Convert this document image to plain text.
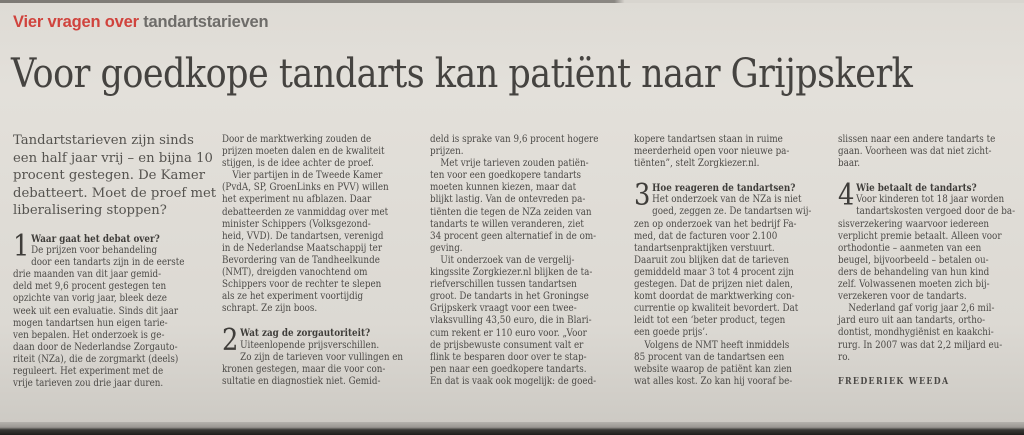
Vier vragen over tandartstarieven
Voor goedkope tandarts kan patiënt naar Grijpskerk
Tandartstarieven zijn sinds
een half jaar vrij – en bijna 10
procent gestegen. De Kamer
debatteert. Moet de proef met
liberalisering stoppen?
1 Waar gaat het debat over?
De prijzen voor behandeling
door een tandarts zijn in de eerste
drie maanden van dit jaar gemid-
deld met 9,6 procent gestegen ten
opzichte van vorig jaar, bleek deze
week uit een evaluatie. Sinds dit jaar
mogen tandartsen hun eigen tarie-
ven bepalen. Het onderzoek is ge-
daan door de Nederlandse Zorgauto-
riteit (NZa), die de zorgmarkt (deels)
reguleert. Het experiment met de
vrije tarieven zou drie jaar duren.
Door de marktwerking zouden de
prijzen moeten dalen en de kwaliteit
stijgen, is de idee achter de proef.
Vier partijen in de Tweede Kamer
(PvdA, SP, GroenLinks en PVV) willen
het experiment nu afblazen. Daar
debatteerden ze vanmiddag over met
minister Schippers (Volksgezond-
heid, VVD). De tandartsen, verenigd
in de Nederlandse Maatschappij ter
Bevordering van de Tandheelkunde
(NMT), dreigden vanochtend om
Schippers voor de rechter te slepen
als ze het experiment voortijdig
schrapt. Ze zijn boos.
2 Wat zag de zorgautoriteit?
Uiteenlopende prijsverschillen.
Zo zijn de tarieven voor vullingen en
kronen gestegen, maar die voor con-
sultatie en diagnostiek niet. Gemid-
deld is sprake van 9,6 procent hogere
prijzen.
Met vrije tarieven zouden patiën-
ten voor een goedkopere tandarts
moeten kunnen kiezen, maar dat
blijkt lastig. Van de ontevreden pa-
tiënten die tegen de NZa zeiden van
tandarts te willen veranderen, ziet
34 procent geen alternatief in de om-
geving.
Uit onderzoek van de vergelij-
kingssite Zorgkiezer.nl blijken de ta-
riefverschillen tussen tandartsen
groot. De tandarts in het Groningse
Grijpskerk vraagt voor een twee-
vlaksvulling 43,50 euro, die in Blari-
cum rekent er 110 euro voor. „Voor
de prijsbewuste consument valt er
flink te besparen door over te stap-
pen naar een goedkopere tandarts.
En dat is vaak ook mogelijk: de goed-
kopere tandartsen staan in ruime
meerderheid open voor nieuwe pa-
tiënten”, stelt Zorgkiezer.nl.
3 Hoe reageren de tandartsen?
Het onderzoek van de NZa is niet
goed, zeggen ze. De tandartsen wij-
zen op onderzoek van het bedrijf Fa-
med, dat de facturen voor 2.100
tandartsenpraktijken verstuurt.
Daaruit zou blijken dat de tarieven
gemiddeld maar 3 tot 4 procent zijn
gestegen. Dat de prijzen niet dalen,
komt doordat de marktwerking con-
currentie op kwaliteit bevordert. Dat
leidt tot een ‘beter product, tegen
een goede prijs’.
Volgens de NMT heeft inmiddels
85 procent van de tandartsen een
website waarop de patiënt kan zien
wat alles kost. Zo kan hij vooraf be-
slissen naar een andere tandarts te
gaan. Voorheen was dat niet zicht-
baar.
4 Wie betaalt de tandarts?
Voor kinderen tot 18 jaar worden
tandartskosten vergoed door de ba-
sisverzekering waarvoor iedereen
verplicht premie betaalt. Alleen voor
orthodontie – aanmeten van een
beugel, bijvoorbeeld – betalen ou-
ders de behandeling van hun kind
zelf. Volwassenen moeten zich bij-
verzekeren voor de tandarts.
Nederland gaf vorig jaar 2,6 mil-
jard euro uit aan tandarts, ortho-
dontist, mondhygiënist en kaakchi-
rurg. In 2007 was dat 2,2 miljard eu-
ro.
FREDERIEK WEEDA
